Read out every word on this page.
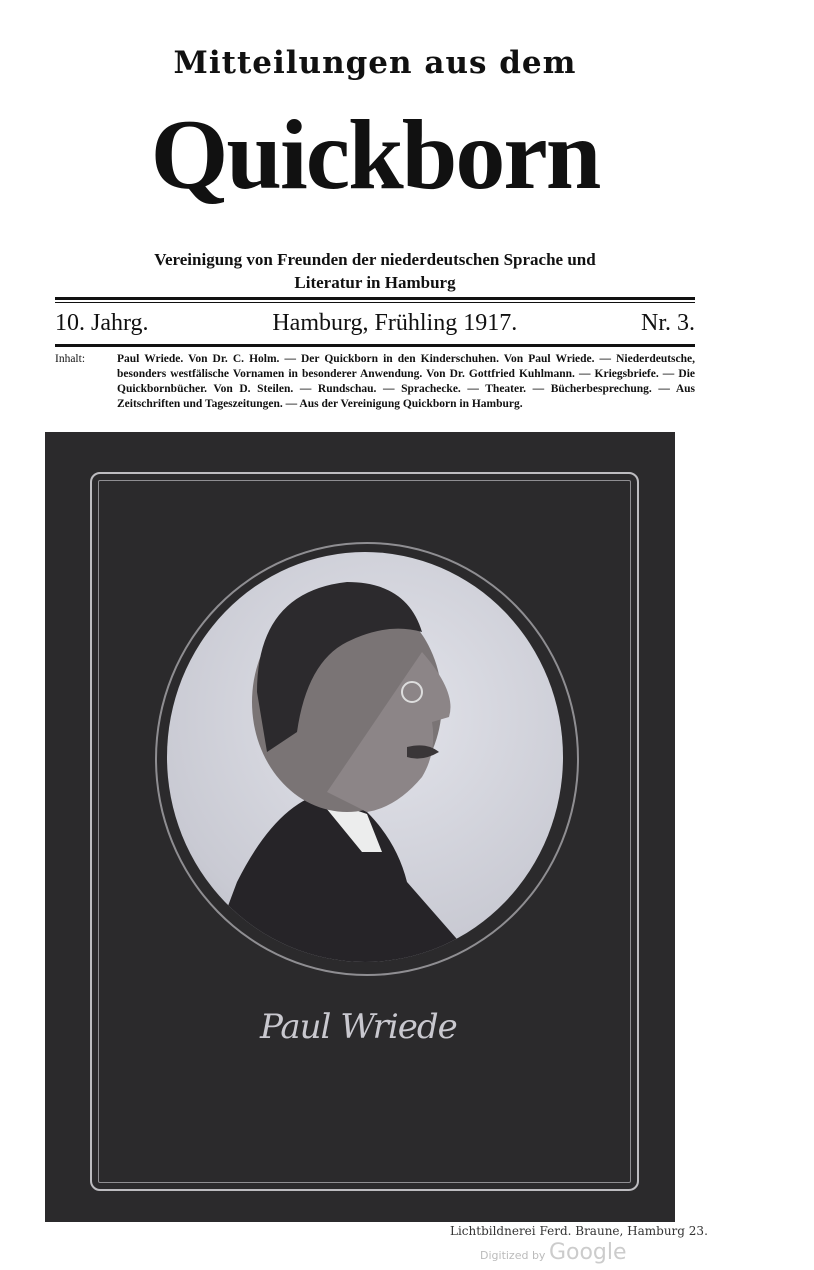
Mitteilungen aus dem
Quickborn
Vereinigung von Freunden der niederdeutschen Sprache und
Literatur in Hamburg
10. Jahrg.	Hamburg, Frühling 1917.	Nr. 3.
Inhalt:	Paul Wriede. Von Dr. C. Holm. — Der Quickborn in den Kinderschuhen. Von Paul Wriede. — Niederdeutsche, besonders westfälische Vornamen in besonderer Anwendung. Von Dr. Gottfried Kuhlmann. — Kriegsbriefe. — Die Quickbornbücher. Von D. Steilen. — Rundschau. — Sprachecke. — Theater. — Bücherbesprechung. — Aus Zeitschriften und Tageszeitungen. — Aus der Vereinigung Quickborn in Hamburg.
Paul Wriede
Lichtbildnerei Ferd. Braune, Hamburg 23.
Digitized by Google
